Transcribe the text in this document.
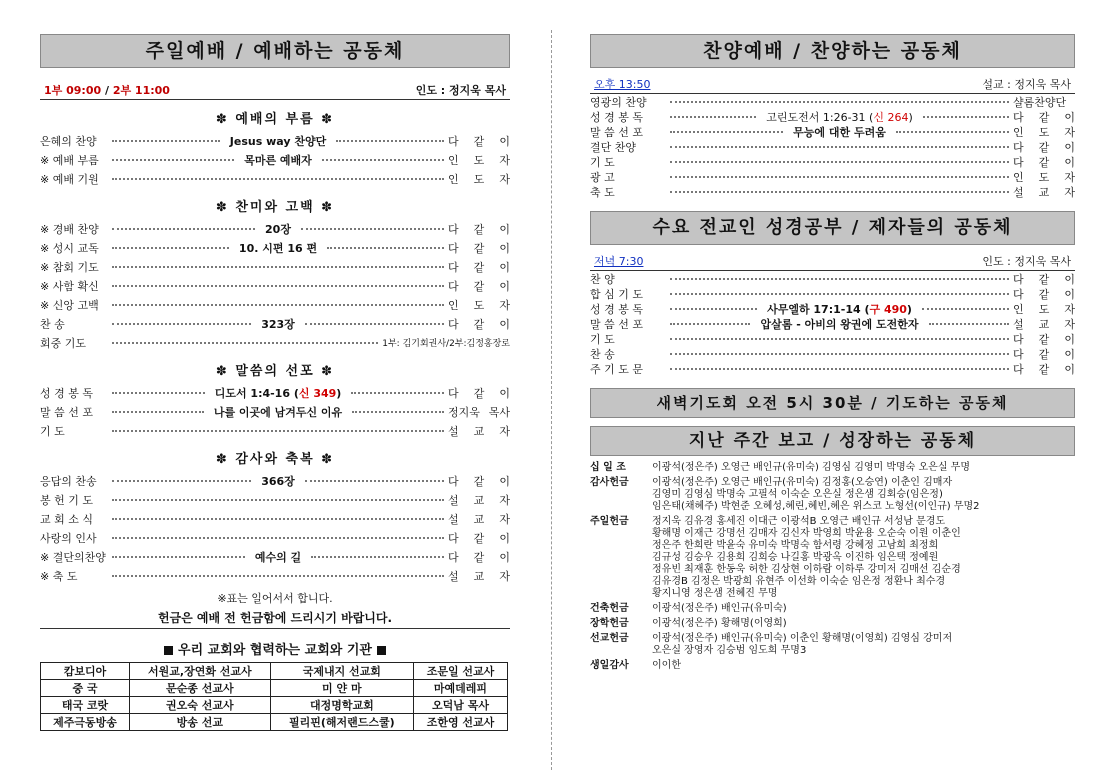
주일예배 / 예배하는 공동체
1부 09:00 / 2부 11:00	인도 : 정지욱 목사
✽ 예배의 부름 ✽
은혜의 찬양	Jesus way 찬양단	다 같 이
※ 예배 부름	목마른 예배자	인 도 자
※ 예배 기원	인 도 자
✽ 찬미와 고백 ✽
※ 경배 찬양	20장	다 같 이
※ 성시 교독	10. 시편 16 편	다 같 이
※ 참회 기도	다 같 이
※ 사함 확신	다 같 이
※ 신앙 고백	인 도 자
찬 송	323장	다 같 이
회중 기도	1부: 김기회권사/2부:김정홍장로
✽ 말씀의 선포 ✽
성 경 봉 독	디도서 1:4-16 (신 349)	다 같 이
말 씀 선 포	나를 이곳에 남겨두신 이유	정지욱 목사
기 도	설 교 자
✽ 감사와 축복 ✽
응답의 찬송	366장	다 같 이
봉 헌 기 도	설 교 자
교 회 소 식	설 교 자
사랑의 인사	다 같 이
※ 결단의찬양	예수의 길	다 같 이
※ 축 도	설 교 자
※표는 일어서서 합니다.
헌금은 예배 전 헌금함에 드리시기 바랍니다.
우리 교회와 협력하는 교회와 기관
캄보디아	서원교,장연화 선교사	국제내지 선교회	조문일 선교사
중 국	문순종 선교사	미 얀 마	마예데레피
태국 코랏	권오숙 선교사	대정명학교회	오덕남 목사
제주극동방송	방송 선교	필리핀(해저랜드스쿨)	조한영 선교사
찬양예배 / 찬양하는 공동체
오후 13:50	설교 : 정지욱 목사
영광의 찬양	샬롬찬양단
성 경 봉 독	고린도전서 1:26-31 (신 264)	다 같 이
말 씀 선 포	무능에 대한 두려움	인 도 자
결단 찬양	다 같 이
기 도	다 같 이
광 고	인 도 자
축 도	설 교 자
수요 전교인 성경공부 / 제자들의 공동체
저녁 7:30	인도 : 정지욱 목사
찬 양	다 같 이
합 심 기 도	다 같 이
성 경 봉 독	사무엘하 17:1-14 (구 490)	인 도 자
말 씀 선 포	압살롬 - 아비의 왕권에 도전한자	설 교 자
기 도	다 같 이
찬 송	다 같 이
주 기 도 문	다 같 이
새벽기도회 오전 5시 30분 / 기도하는 공동체
지난 주간 보고 / 성장하는 공동체
십 일 조	이광석(정은주) 오영근 배인규(유미숙) 김영심 김영미 박명숙 오은실 무명
감사헌금	이광석(정은주) 오영근 배인규(유미숙) 김정홍(오승연) 이춘인 김매자
김영미 김영심 박명숙 고필석 이숙순 오은실 정은샘 김회승(임은정)
임은태(채혜주) 박현준 오혜성,혜린,혜빈,혜은 위스코 노형선(이인규) 무명2
주일헌금	정지욱 김유경 홍세진 이대근 이광석B 오영근 배인규 서성남 문경도
황해명 이재근 강명선 김매자 김신자 박영희 박윤용 오순숙 이원 이춘인
정은주 한희란 박윤숙 유미숙 박명숙 함서령 강혜정 고남희 최정희
김규성 김승우 김용희 김희승 나길홍 박광옥 이진하 임은택 정예원
정유빈 최재훈 한동욱 허한 김상현 이하람 이하루 강미저 김매선 김순경
김유경B 김정은 박광희 유현주 이선화 이숙순 임은정 정환나 최수경
황지니영 정은샘 전혜진 무명
건축헌금	이광석(정은주) 배인규(유미숙)
장학헌금	이광석(정은주) 황해명(이영희)
선교헌금	이광석(정은주) 배인규(유미숙) 이춘인 황해명(이영희) 김영심 강미저
오은실 장영자 김승범 임도희 무명3
생일감사	이이한
